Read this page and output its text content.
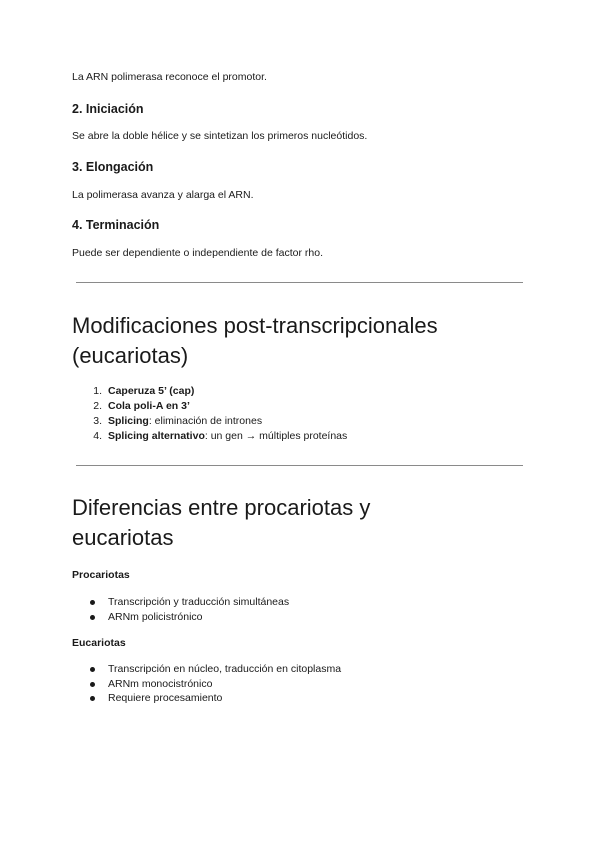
La ARN polimerasa reconoce el promotor.
2. Iniciación
Se abre la doble hélice y se sintetizan los primeros nucleótidos.
3. Elongación
La polimerasa avanza y alarga el ARN.
4. Terminación
Puede ser dependiente o independiente de factor rho.
Modificaciones post-transcripcionales
(eucariotas)
1. Caperuza 5’ (cap)
2. Cola poli-A en 3’
3. Splicing: eliminación de intrones
4. Splicing alternativo: un gen → múltiples proteínas
Diferencias entre procariotas y
eucariotas
Procariotas
Transcripción y traducción simultáneas
ARNm policistrónico
Eucariotas
Transcripción en núcleo, traducción en citoplasma
ARNm monocistrónico
Requiere procesamiento
